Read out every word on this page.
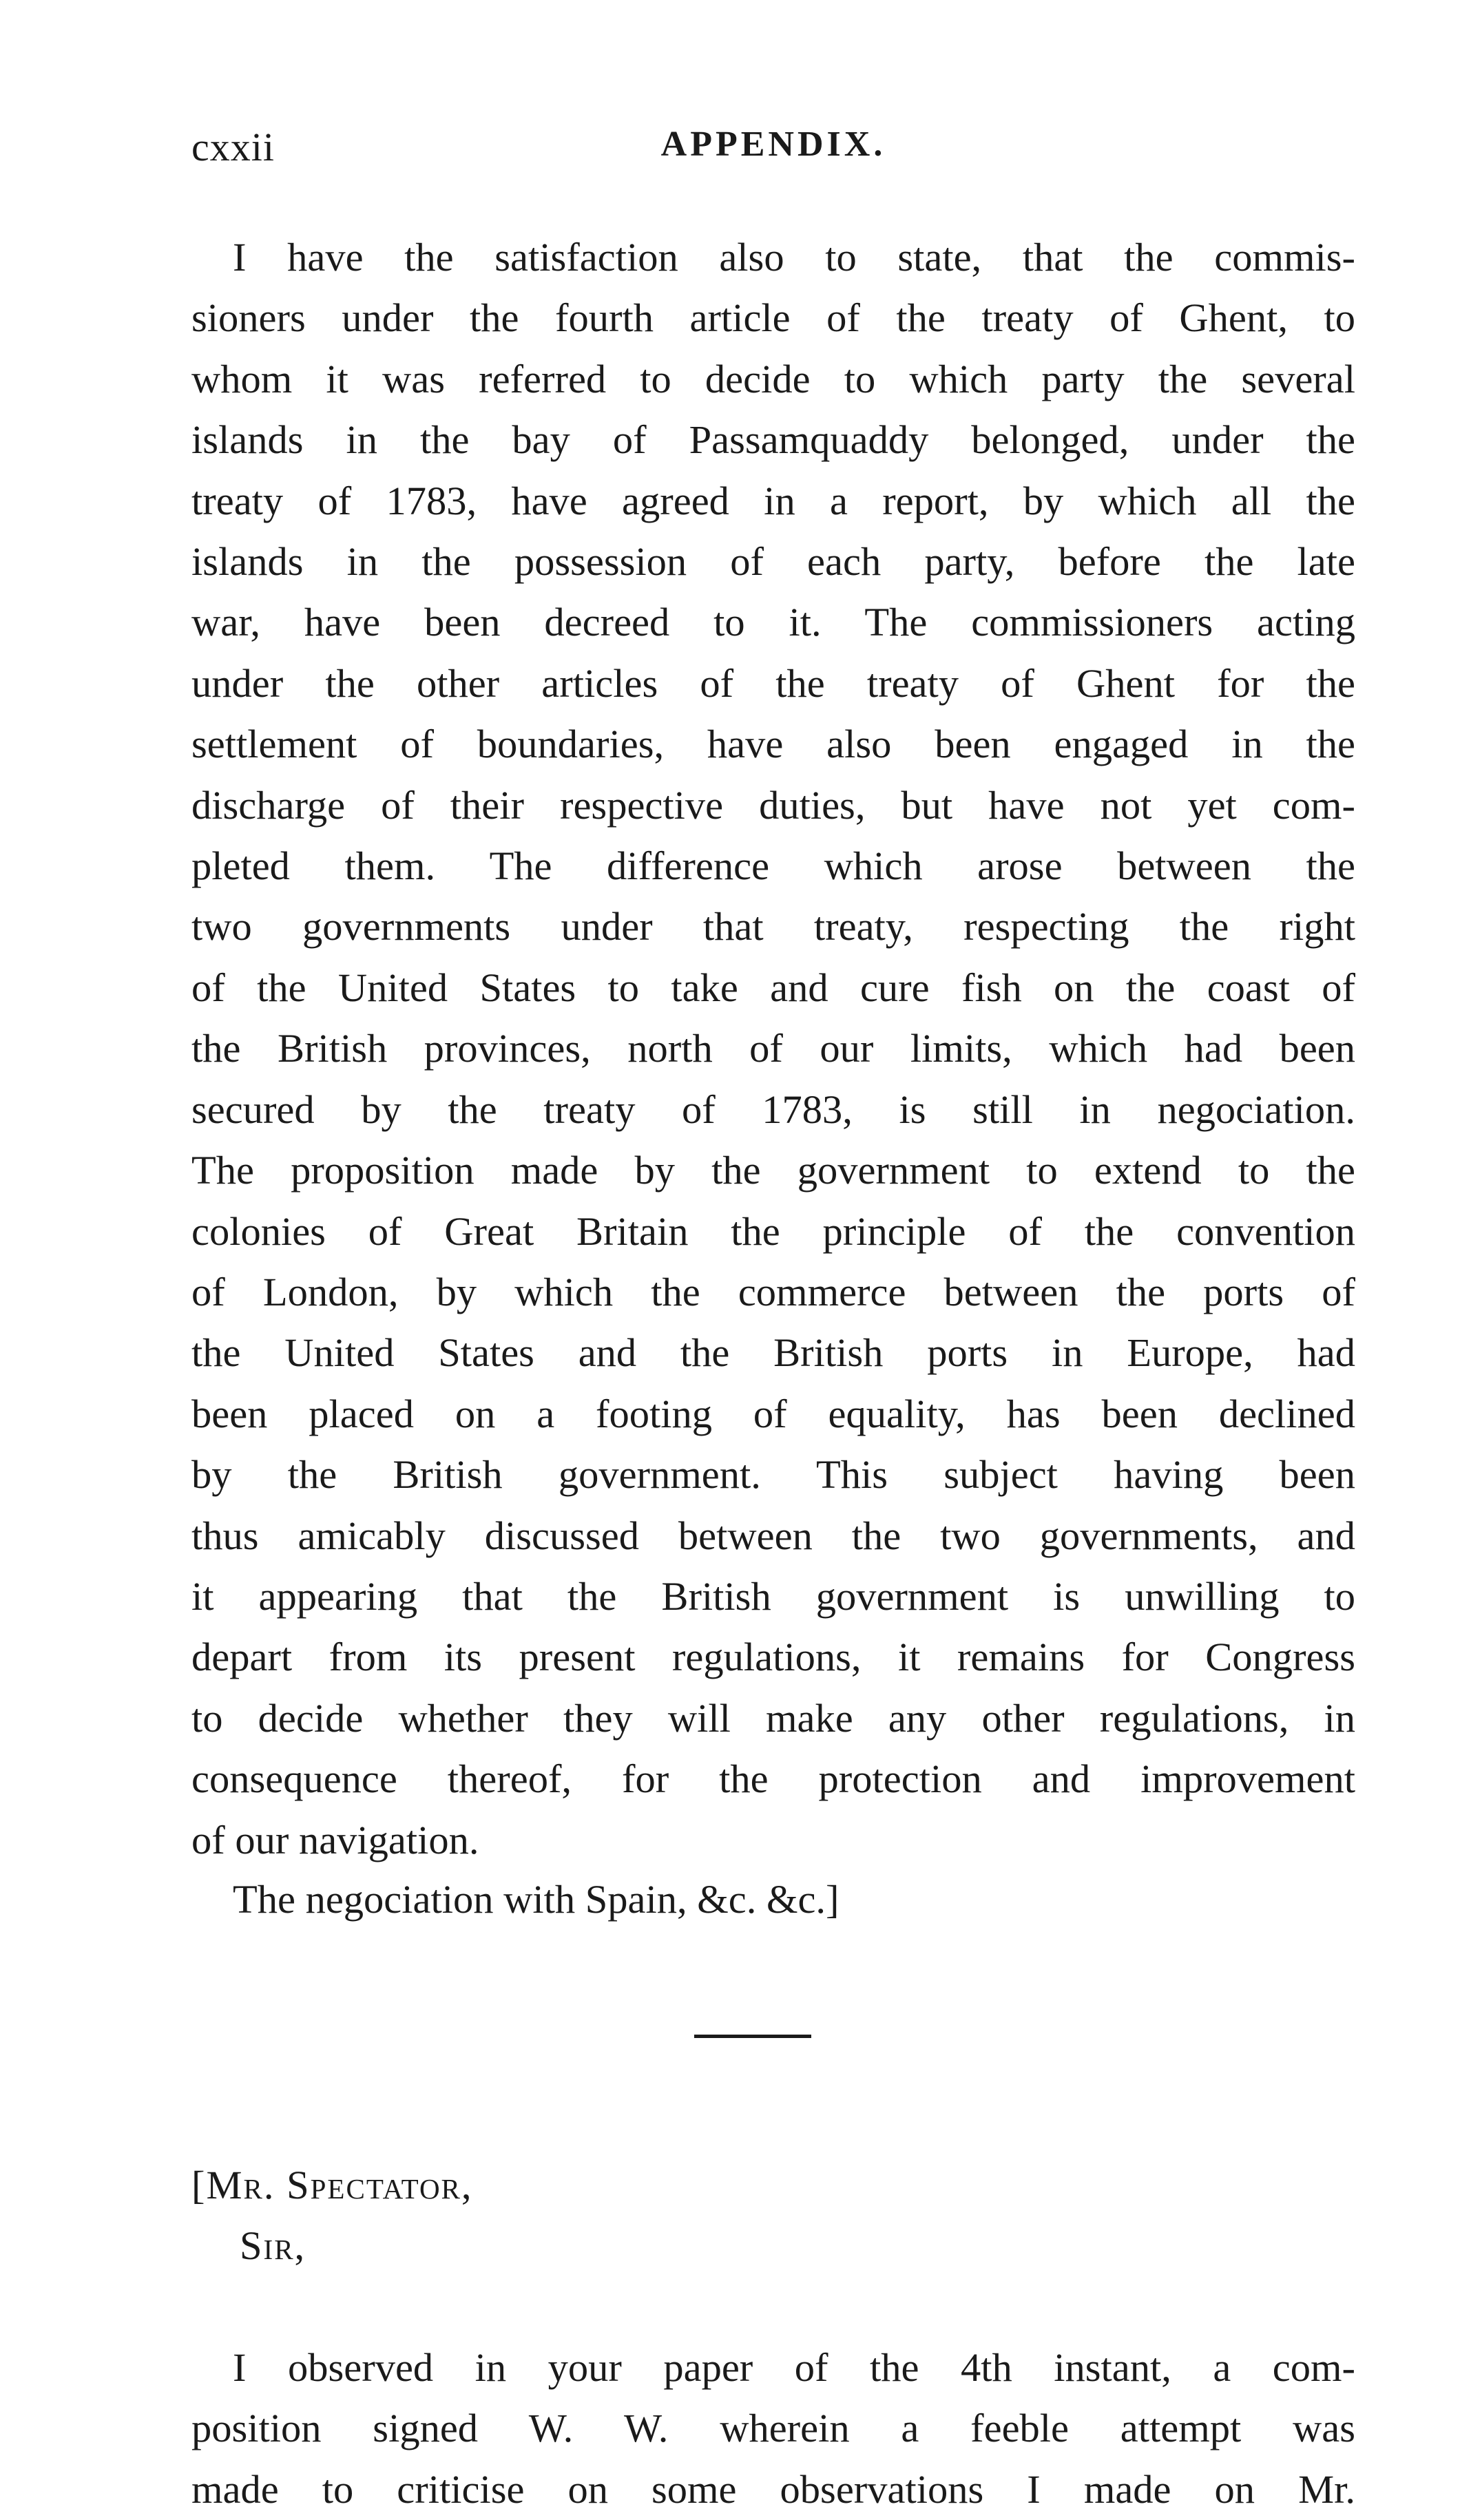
cxxii	APPENDIX.
I have the satisfaction also to state, that the commis-
sioners under the fourth article of the treaty of Ghent, to
whom it was referred to decide to which party the several
islands in the bay of Passamquaddy belonged, under the
treaty of 1783, have agreed in a report, by which all the
islands in the possession of each party, before the late
war, have been decreed to it. The commissioners acting
under the other articles of the treaty of Ghent for the
settlement of boundaries, have also been engaged in the
discharge of their respective duties, but have not yet com-
pleted them. The difference which arose between the
two governments under that treaty, respecting the right
of the United States to take and cure fish on the coast of
the British provinces, north of our limits, which had been
secured by the treaty of 1783, is still in negociation.
The proposition made by the government to extend to the
colonies of Great Britain the principle of the convention
of London, by which the commerce between the ports of
the United States and the British ports in Europe, had
been placed on a footing of equality, has been declined
by the British government. This subject having been
thus amicably discussed between the two governments, and
it appearing that the British government is unwilling to
depart from its present regulations, it remains for Congress
to decide whether they will make any other regulations, in
consequence thereof, for the protection and improvement
of our navigation.
The negociation with Spain, &c. &c.]
[Mr. Spectator,
Sir,
I observed in your paper of the 4th instant, a com-
position signed W. W. wherein a feeble attempt was
made to criticise on some observations I made on Mr.
